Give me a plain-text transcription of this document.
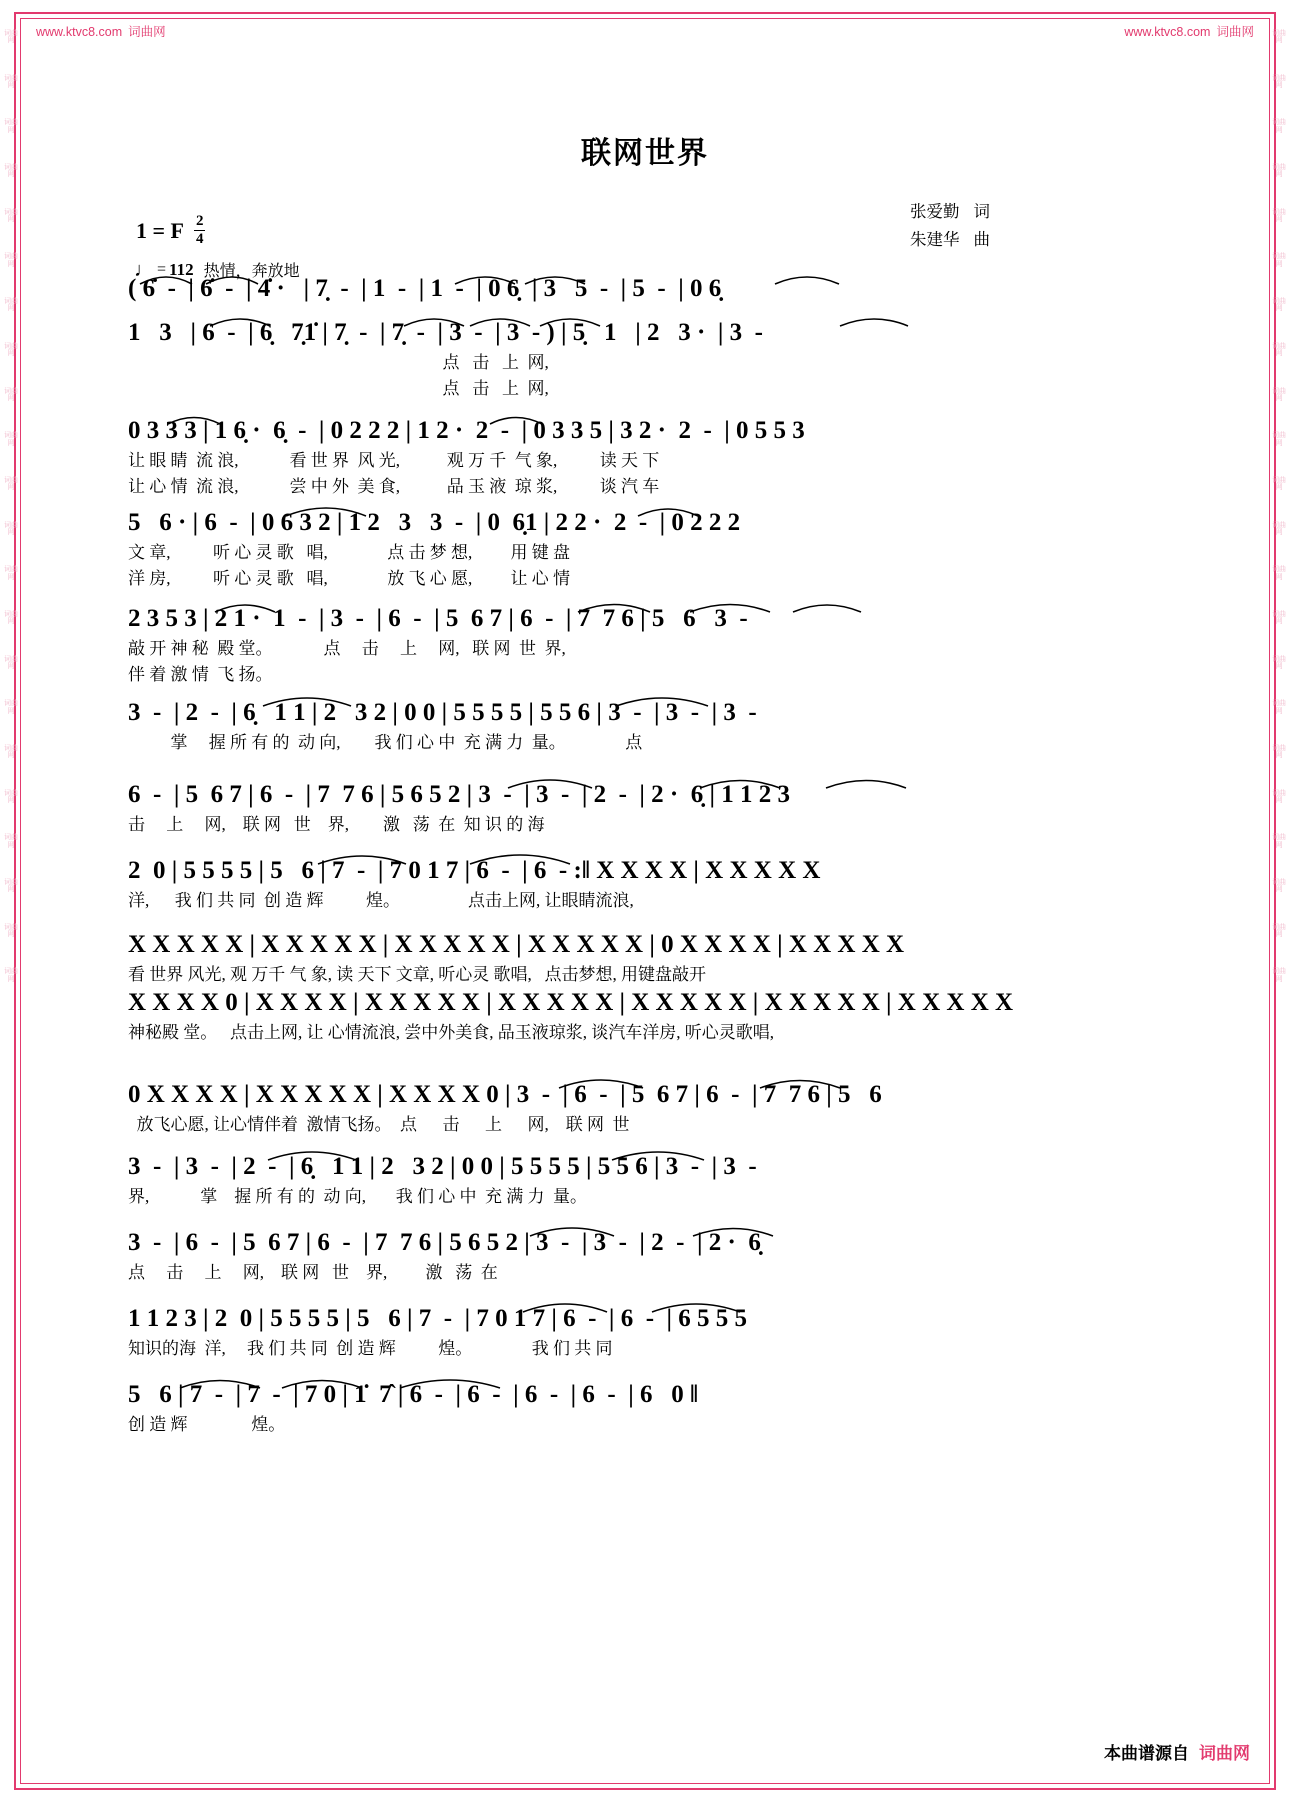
词曲网
词曲网
词曲网
词曲网
词曲网
词曲网
词曲网
词曲网
词曲网
词曲网
词曲网
词曲网
词曲网
词曲网
词曲网
词曲网
词曲网
词曲网
词曲网
词曲网
词曲网
词曲网
词曲网
词曲网
词曲网
词曲网
词曲网
词曲网
词曲网
词曲网
词曲网
词曲网
词曲网
词曲网
词曲网
词曲网
词曲网
词曲网
词曲网
词曲网
词曲网
词曲网
词曲网
词曲网
www.ktvc8.com 词曲网	www.ktvc8.com 词曲网
联网世界
1 = F $\frac{2}{4}$
♩ = 112 热情，奔放地
张爱勤 词
朱建华 曲
( 6̇  -  | 6̇  -  | 4̇ ·   | 7̣  -  | 1  -  | 1  -  | 0 6̣  | 3   5  -  | 5  -  | 0 6̣
1   3   | 6  -  | 6̣   7̣1̇ | 7̣  -  | 7̣  -  | 3  -  | 3  - ) | 5̣   1   | 2   3 ·  | 3  -
点   击   上  网,
点   击   上  网,
0 3 3 3 | 1 6̣ ·  6̣  -  | 0 2 2 2 | 1 2 ·  2  -  | 0 3 3 5 | 3 2 ·  2  -  | 0 5 5 3
让 眼 睛  流 浪,            看 世 界  风 光,           观 万 千  气 象,          读 天 下
让 心 情  流 浪,            尝 中 外  美 食,           品 玉 液  琼 浆,          谈 汽 车
5   6 · | 6  -  | 0 6 3 2 | 1 2   3   3  -  | 0  6̣1 | 2 2 ·  2  -  | 0 2 2 2
文 章,          听 心 灵 歌   唱,              点 击 梦 想,         用 键 盘
洋 房,          听 心 灵 歌   唱,              放 飞 心 愿,         让 心 情
2 3 5 3 | 2 1 ·  1  -  | 3  -  | 6  -  | 5  6 7 | 6  -  | 7  7 6 | 5   6   3  -
敲 开 神 秘  殿 堂。            点     击     上     网,   联 网  世  界,
伴 着 激 情  飞 扬。
3  -  | 2  -  | 6̣   1 1 | 2   3 2 | 0 0 | 5 5 5 5 | 5 5 6 | 3  -  | 3  -  | 3  -
掌     握 所 有 的  动 向,        我 们 心 中  充 满 力  量。              点
6  -  | 5  6 7 | 6  -  | 7  7 6 | 5 6 5 2 | 3  -  | 3  -  | 2  -  | 2 ·  6̣ | 1 1 2 3
击     上     网,    联 网   世    界,        激   荡  在  知 识 的 海
2  0 | 5 5 5 5 | 5   6 | 7  -  | 7 0 1 7 | 6  -  | 6  - :‖ X X X X | X X X X X
洋,      我 们 共 同  创 造 辉          煌。                点击上网, 让眼睛流浪,
X X X X X | X X X X X | X X X X X | X X X X X | 0 X X X X | X X X X X
看 世界 风光, 观 万千 气 象, 读 天下 文章, 听心灵 歌唱,   点击梦想, 用键盘敲开
X X X X 0 | X X X X | X X X X X | X X X X X | X X X X X | X X X X X | X X X X X
神秘殿 堂。   点击上网, 让 心情流浪, 尝中外美食, 品玉液琼浆, 谈汽车洋房, 听心灵歌唱,
0 X X X X | X X X X X | X X X X 0 | 3  -  | 6  -  | 5  6 7 | 6  -  | 7  7 6 | 5   6
放飞心愿, 让心情伴着  激情飞扬。  点      击      上      网,    联 网  世
3  -  | 3  -  | 2  -  | 6̣   1 1 | 2   3 2 | 0 0 | 5 5 5 5 | 5 5 6 | 3  -  | 3  -
界,            掌    握 所 有 的  动 向,       我 们 心 中  充 满 力  量。
3  -  | 6  -  | 5  6 7 | 6  -  | 7  7 6 | 5 6 5 2 | 3  -  | 3  -  | 2  -  | 2 ·  6̣
点     击     上     网,    联 网   世    界,         激   荡  在
1 1 2 3 | 2  0 | 5 5 5 5 | 5   6 | 7  -  | 7 0 1 7 | 6  -  | 6  -  | 6 5 5 5
知识的海  洋,     我 们 共 同  创 造 辉          煌。              我 们 共 同
5   6 | 7  -  | 7  -  | 7 0 | 1̇  7̂ | 6  -  | 6  -  | 6  -  | 6  -  | 6   0 ‖
创 造 辉               煌。
本曲谱源自 词曲网
